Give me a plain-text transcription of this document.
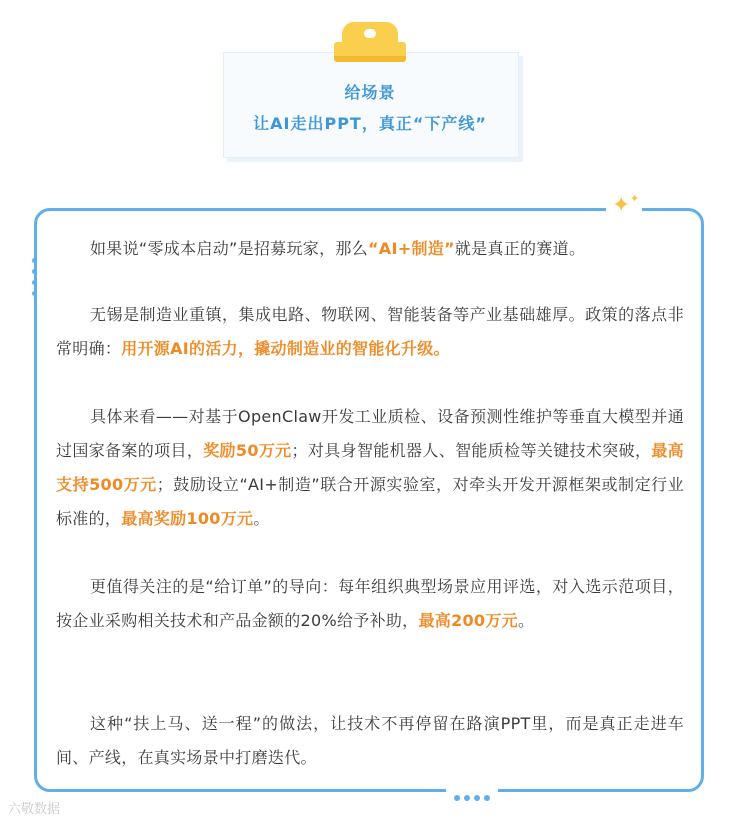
给场景
让AI走出PPT，真正“下产线”
✦ ✦

如果说“零成本启动”是招募玩家，那么“AI+制造”就是真正的赛道。

无锡是制造业重镇，集成电路、物联网、智能装备等产业基础雄厚。政策的落点非常明确：用开源AI的活力，撬动制造业的智能化升级。

具体来看——对基于OpenClaw开发工业质检、设备预测性维护等垂直大模型并通过国家备案的项目，奖励50万元；对具身智能机器人、智能质检等关键技术突破，最高支持500万元；鼓励设立“AI+制造”联合开源实验室，对牵头开发开源框架或制定行业标准的，最高奖励100万元。

更值得关注的是“给订单”的导向：每年组织典型场景应用评选，对入选示范项目，按企业采购相关技术和产品金额的20%给予补助，最高200万元。

这种“扶上马、送一程”的做法，让技术不再停留在路演PPT里，而是真正走进车间、产线，在真实场景中打磨迭代。

六敬数据
